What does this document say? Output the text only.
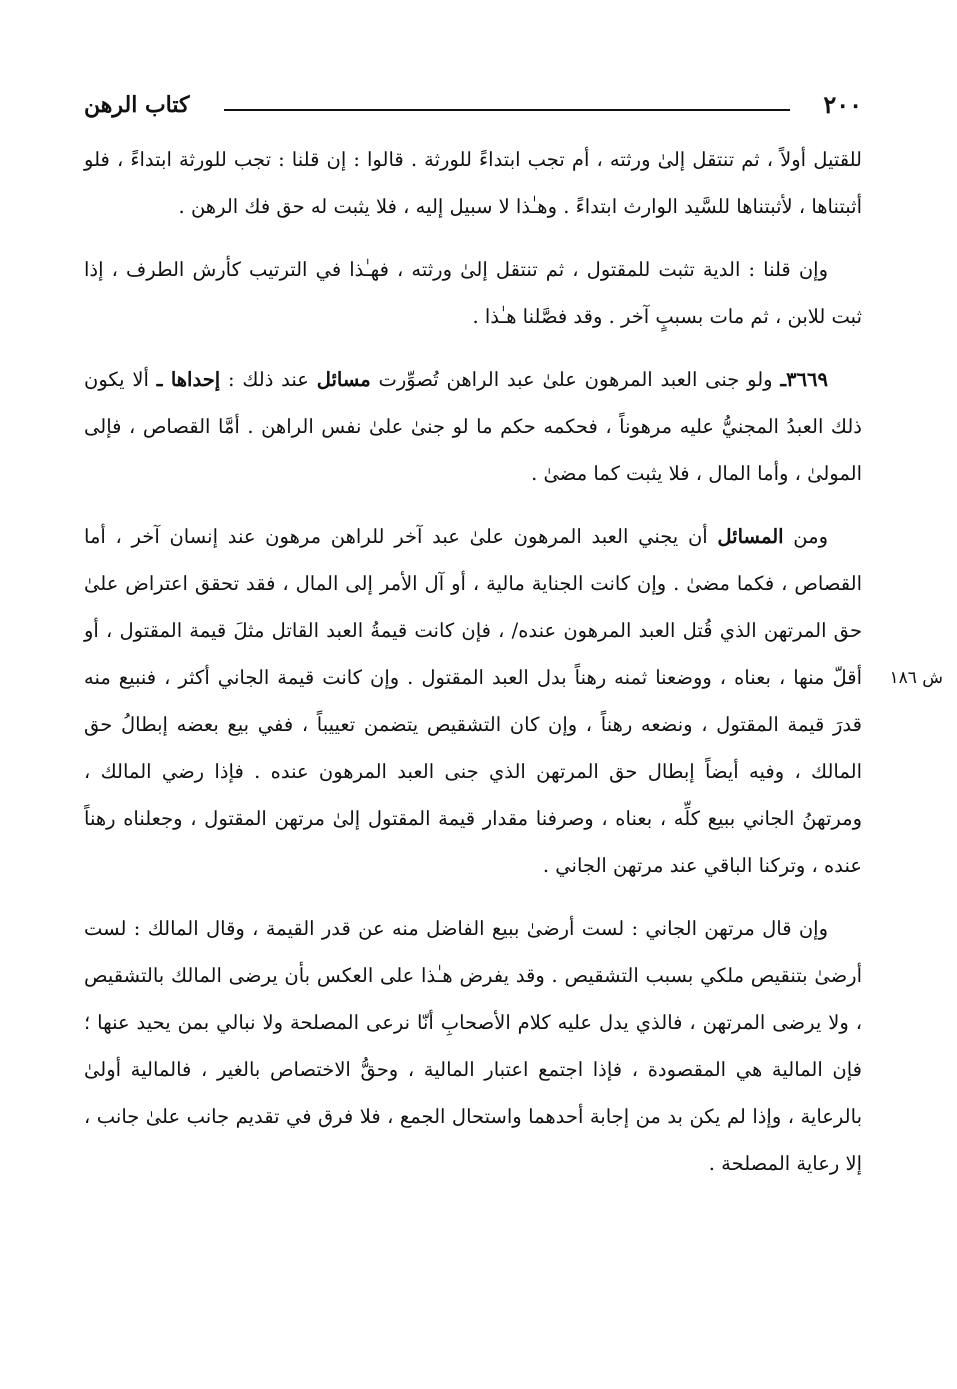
٢٠٠
كتاب الرهن
ش ١٨٦

للقتيل أولاً ، ثم تنتقل إلىٰ ورثته ، أم تجب ابتداءً للورثة . قالوا : إن قلنا : تجب للورثة ابتداءً ، فلو أثبتناها ، لأثبتناها للسَّيد الوارث ابتداءً . وهـٰذا لا سبيل إليه ، فلا يثبت له حق فك الرهن .

وإن قلنا : الدية تثبت للمقتول ، ثم تنتقل إلىٰ ورثته ، فهـٰذا في الترتيب كأرش الطرف ، إذا ثبت للابن ، ثم مات بسببٍ آخر . وقد فصَّلنا هـٰذا .

٣٦٦٩ـ ولو جنى العبد المرهون علىٰ عبد الراهن تُصوِّرت مسائل عند ذلك : إحداها ـ ألا يكون ذلك العبدُ المجنيُّ عليه مرهوناً ، فحكمه حكم ما لو جنىٰ علىٰ نفس الراهن . أمَّا القصاص ، فإلى المولىٰ ، وأما المال ، فلا يثبت كما مضىٰ .

ومن المسائل أن يجني العبد المرهون علىٰ عبد آخر للراهن مرهون عند إنسان آخر ، أما القصاص ، فكما مضىٰ . وإن كانت الجناية مالية ، أو آل الأمر إلى المال ، فقد تحقق اعتراض علىٰ حق المرتهن الذي قُتل العبد المرهون عنده/ ، فإن كانت قيمةُ العبد القاتل مثلَ قيمة المقتول ، أو أقلّ منها ، بعناه ، ووضعنا ثمنه رهناً بدل العبد المقتول . وإن كانت قيمة الجاني أكثر ، فنبيع منه قدرَ قيمة المقتول ، ونضعه رهناً ، وإن كان التشقيص يتضمن تعييباً ، ففي بيع بعضه إبطالُ حق المالك ، وفيه أيضاً إبطال حق المرتهن الذي جنى العبد المرهون عنده . فإذا رضي المالك ، ومرتهنُ الجاني ببيع كلِّه ، بعناه ، وصرفنا مقدار قيمة المقتول إلىٰ مرتهن المقتول ، وجعلناه رهناً عنده ، وتركنا الباقي عند مرتهن الجاني .

وإن قال مرتهن الجاني : لست أرضىٰ ببيع الفاضل منه عن قدر القيمة ، وقال المالك : لست أرضىٰ بتنقيص ملكي بسبب التشقيص . وقد يفرض هـٰذا على العكس بأن يرضى المالك بالتشقيص ، ولا يرضى المرتهن ، فالذي يدل عليه كلام الأصحابِ أنّا نرعى المصلحة ولا نبالي بمن يحيد عنها ؛ فإن المالية هي المقصودة ، فإذا اجتمع اعتبار المالية ، وحقُّ الاختصاص بالغير ، فالمالية أولىٰ بالرعاية ، وإذا لم يكن بد من إجابة أحدهما واستحال الجمع ، فلا فرق في تقديم جانب علىٰ جانب ، إلا رعاية المصلحة .
